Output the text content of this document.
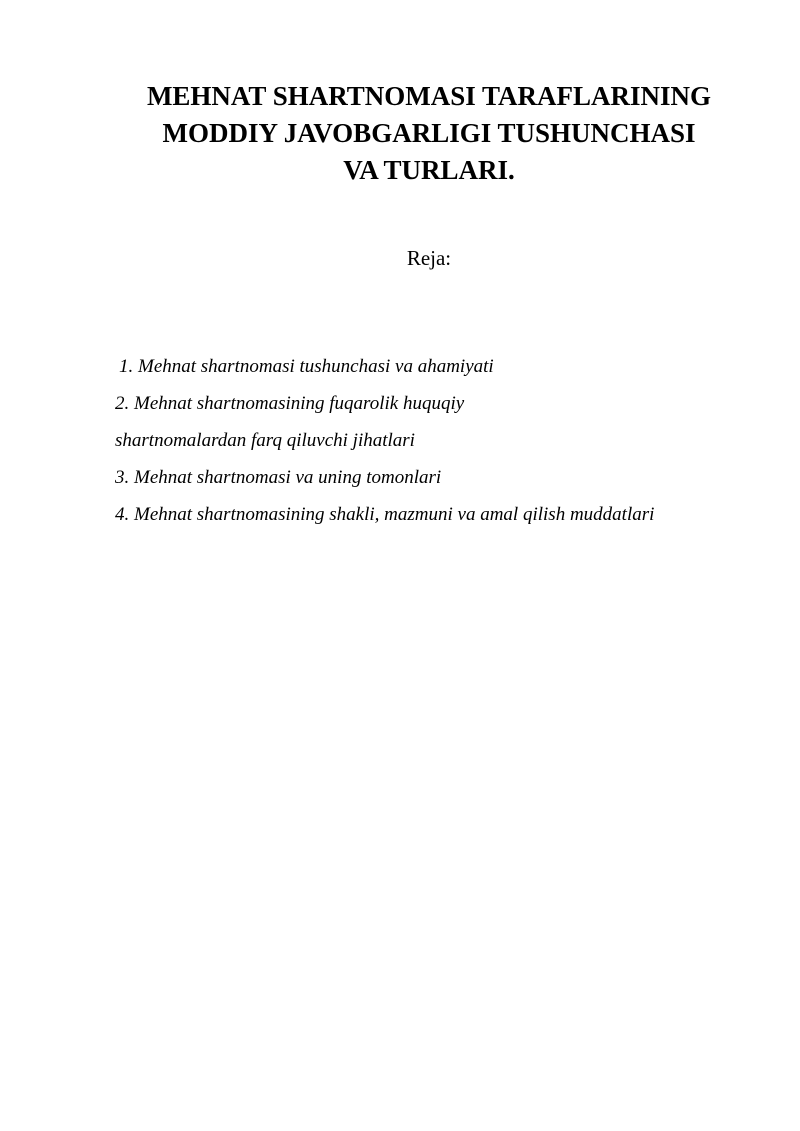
MEHNAT SHARTNOMASI TARAFLARINING
MODDIY JAVOBGARLIGI TUSHUNCHASI
VA TURLARI.
Reja:
1. Mehnat shartnomasi tushunchasi va ahamiyati
2. Mehnat shartnomasining fuqarolik huquqiy
shartnomalardan farq qiluvchi jihatlari
3. Mehnat shartnomasi va uning tomonlari
4. Mehnat shartnomasining shakli, mazmuni va amal qilish muddatlari
